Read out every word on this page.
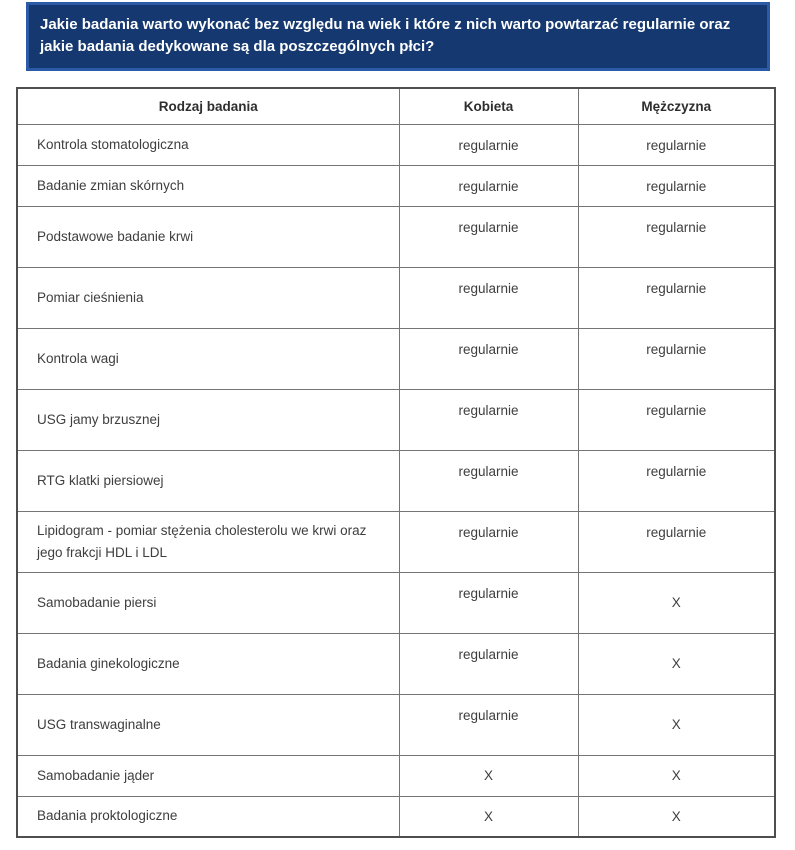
Jakie badania warto wykonać bez względu na wiek i które z nich warto powtarzać regularnie oraz jakie badania dedykowane są dla poszczególnych płci?
Rodzaj badania	Kobieta	Mężczyzna
Kontrola stomatologiczna	regularnie	regularnie
Badanie zmian skórnych	regularnie	regularnie
Podstawowe badanie krwi	regularnie	regularnie
Pomiar cieśnienia	regularnie	regularnie
Kontrola wagi	regularnie	regularnie
USG jamy brzusznej	regularnie	regularnie
RTG klatki piersiowej	regularnie	regularnie
Lipidogram - pomiar stężenia cholesterolu we krwi oraz jego frakcji HDL i LDL	regularnie	regularnie
Samobadanie piersi	regularnie	X
Badania ginekologiczne	regularnie	X
USG transwaginalne	regularnie	X
Samobadanie jąder	X	X
Badania proktologiczne	X	X
